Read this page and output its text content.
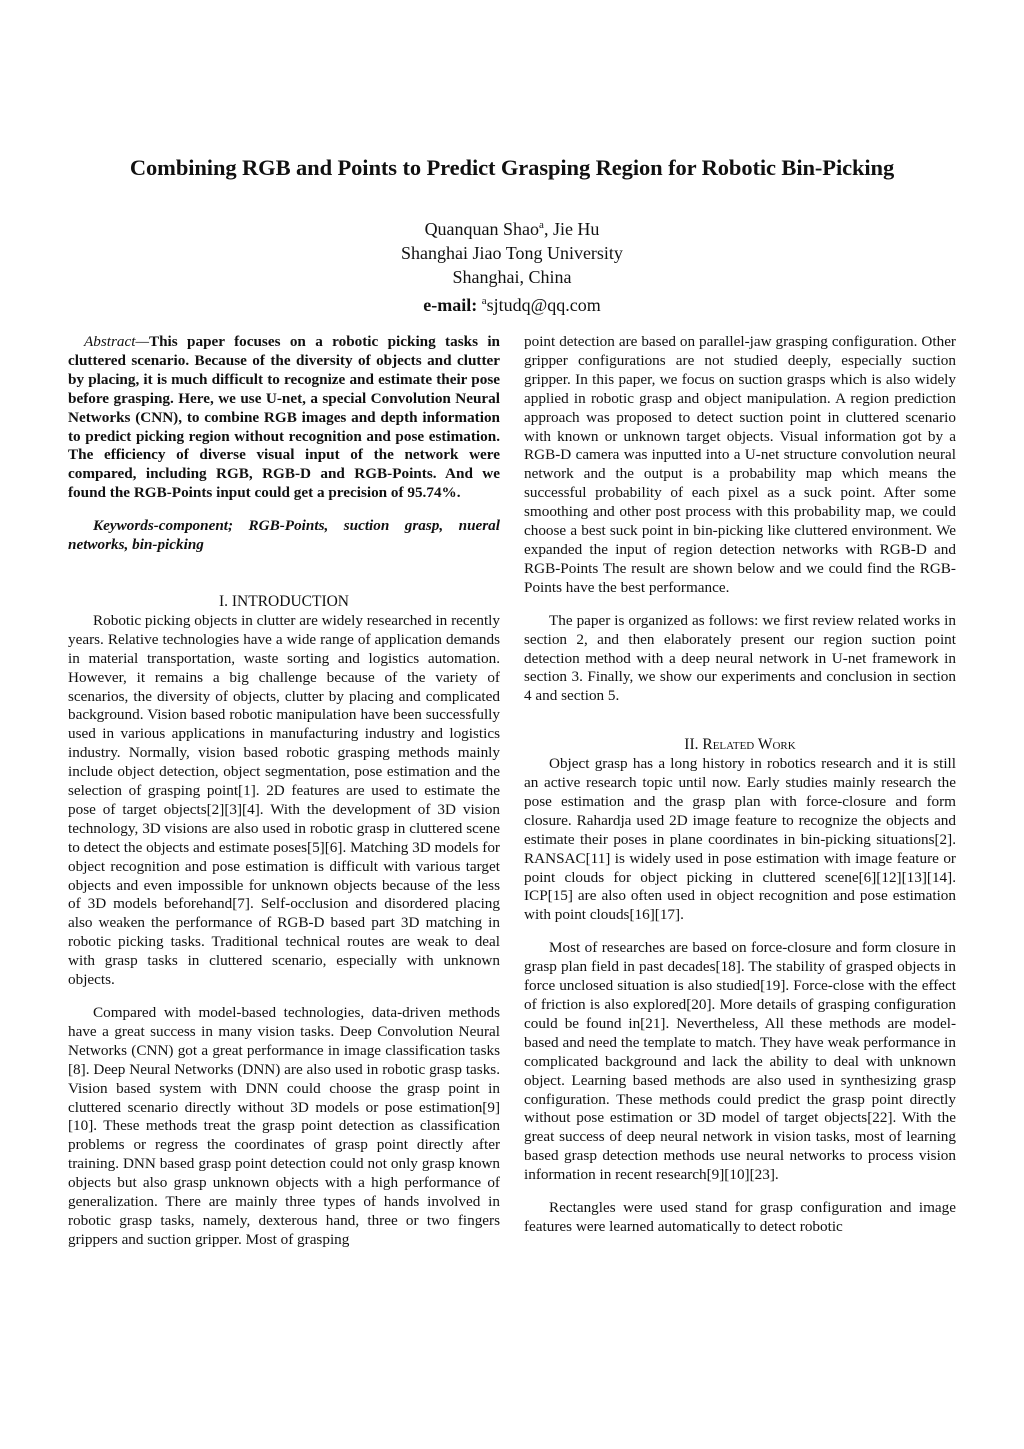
Combining RGB and Points to Predict Grasping Region for Robotic Bin-Picking
Quanquan Shao$^a$, Jie Hu
Shanghai Jiao Tong University
Shanghai, China
e-mail: $^a$sjtudq@qq.com

Abstract—This paper focuses on a robotic picking tasks in cluttered scenario. Because of the diversity of objects and clutter by placing, it is much difficult to recognize and estimate their pose before grasping. Here, we use U-net, a special Convolution Neural Networks (CNN), to combine RGB images and depth information to predict picking region without recognition and pose estimation. The efficiency of diverse visual input of the network were compared, including RGB, RGB-D and RGB-Points. And we found the RGB-Points input could get a precision of 95.74%.

Keywords-component; RGB-Points, suction grasp, nueral networks, bin-picking

I. INTRODUCTION

Robotic picking objects in clutter are widely researched in recently years. Relative technologies have a wide range of application demands in material transportation, waste sorting and logistics automation. However, it remains a big challenge because of the variety of scenarios, the diversity of objects, clutter by placing and complicated background. Vision based robotic manipulation have been successfully used in various applications in manufacturing industry and logistics industry. Normally, vision based robotic grasping methods mainly include object detection, object segmentation, pose estimation and the selection of grasping point[1]. 2D features are used to estimate the pose of target objects[2][3][4]. With the development of 3D vision technology, 3D visions are also used in robotic grasp in cluttered scene to detect the objects and estimate poses[5][6]. Matching 3D models for object recognition and pose estimation is difficult with various target objects and even impossible for unknown objects because of the less of 3D models beforehand[7]. Self-occlusion and disordered placing also weaken the performance of RGB-D based part 3D matching in robotic picking tasks. Traditional technical routes are weak to deal with grasp tasks in cluttered scenario, especially with unknown objects.

Compared with model-based technologies, data-driven methods have a great success in many vision tasks. Deep Convolution Neural Networks (CNN) got a great performance in image classification tasks [8]. Deep Neural Networks (DNN) are also used in robotic grasp tasks. Vision based system with DNN could choose the grasp point in cluttered scenario directly without 3D models or pose estimation[9][10]. These methods treat the grasp point detection as classification problems or regress the coordinates of grasp point directly after training. DNN based grasp point detection could not only grasp known objects but also grasp unknown objects with a high performance of generalization. There are mainly three types of hands involved in robotic grasp tasks, namely, dexterous hand, three or two fingers grippers and suction gripper. Most of grasping

point detection are based on parallel-jaw grasping configuration. Other gripper configurations are not studied deeply, especially suction gripper. In this paper, we focus on suction grasps which is also widely applied in robotic grasp and object manipulation. A region prediction approach was proposed to detect suction point in cluttered scenario with known or unknown target objects. Visual information got by a RGB-D camera was inputted into a U-net structure convolution neural network and the output is a probability map which means the successful probability of each pixel as a suck point. After some smoothing and other post process with this probability map, we could choose a best suck point in bin-picking like cluttered environment. We expanded the input of region detection networks with RGB-D and RGB-Points The result are shown below and we could find the RGB-Points have the best performance.

The paper is organized as follows: we first review related works in section 2, and then elaborately present our region suction point detection method with a deep neural network in U-net framework in section 3. Finally, we show our experiments and conclusion in section 4 and section 5.

II. Related Work

Object grasp has a long history in robotics research and it is still an active research topic until now. Early studies mainly research the pose estimation and the grasp plan with force-closure and form closure. Rahardja used 2D image feature to recognize the objects and estimate their poses in plane coordinates in bin-picking situations[2]. RANSAC[11] is widely used in pose estimation with image feature or point clouds for object picking in cluttered scene[6][12][13][14]. ICP[15] are also often used in object recognition and pose estimation with point clouds[16][17].

Most of researches are based on force-closure and form closure in grasp plan field in past decades[18]. The stability of grasped objects in force unclosed situation is also studied[19]. Force-close with the effect of friction is also explored[20]. More details of grasping configuration could be found in[21]. Nevertheless, All these methods are model-based and need the template to match. They have weak performance in complicated background and lack the ability to deal with unknown object. Learning based methods are also used in synthesizing grasp configuration. These methods could predict the grasp point directly without pose estimation or 3D model of target objects[22]. With the great success of deep neural network in vision tasks, most of learning based grasp detection methods use neural networks to process vision information in recent research[9][10][23].

Rectangles were used stand for grasp configuration and image features were learned automatically to detect robotic
